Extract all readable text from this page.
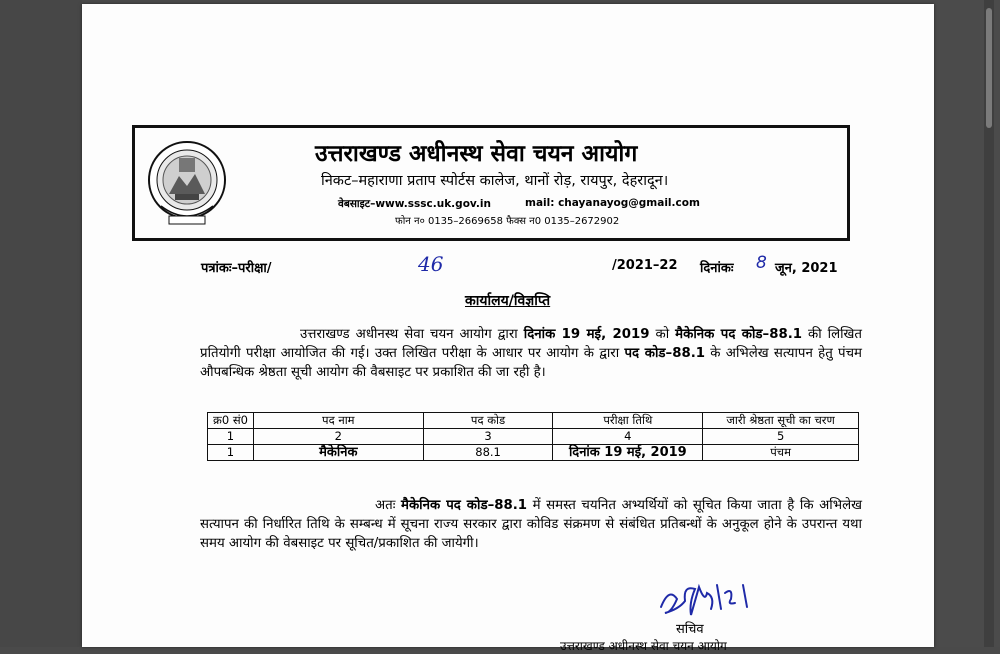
उत्तराखण्ड अधीनस्थ सेवा चयन आयोग
निकट–महाराणा प्रताप स्पोर्टस कालेज, थानों रोड़, रायपुर, देहरादून।
वेबसाइट–www.sssc.uk.gov.in	mail: chayanayog@gmail.com
फोन न० 0135–2669658 फैक्स न0 0135–2672902
पत्रांकः–परीक्षा/	46	/2021–22 दिनांकः 8 जून, 2021
कार्यालय/विज्ञप्ति
उत्तराखण्ड अधीनस्थ सेवा चयन आयोग द्वारा दिनांक 19 मई, 2019 को मैकेनिक पद कोड–88.1 की लिखित प्रतियोगी परीक्षा आयोजित की गई। उक्त लिखित परीक्षा के आधार पर आयोग के द्वारा पद कोड–88.1 के अभिलेख सत्यापन हेतु पंचम औपबन्धिक श्रेष्ठता सूची आयोग की वैबसाइट पर प्रकाशित की जा रही है।
क्र0 सं0	पद नाम	पद कोड	परीक्षा तिथि	जारी श्रेष्ठता सूची का चरण
1	2	3	4	5
1	मैकेनिक	88.1	दिनांक 19 मई, 2019	पंचम
अतः मैकेनिक पद कोड–88.1 में समस्त चयनित अभ्यर्थियों को सूचित किया जाता है कि अभिलेख सत्यापन की निर्धारित तिथि के सम्बन्ध में सूचना राज्य सरकार द्वारा कोविड संक्रमण से संबंधित प्रतिबन्धों के अनुकूल होने के उपरान्त यथा समय आयोग की वेबसाइट पर सूचित/प्रकाशित की जायेगी।
सचिव
उत्तराखण्ड अधीनस्थ सेवा चयन आयोग
